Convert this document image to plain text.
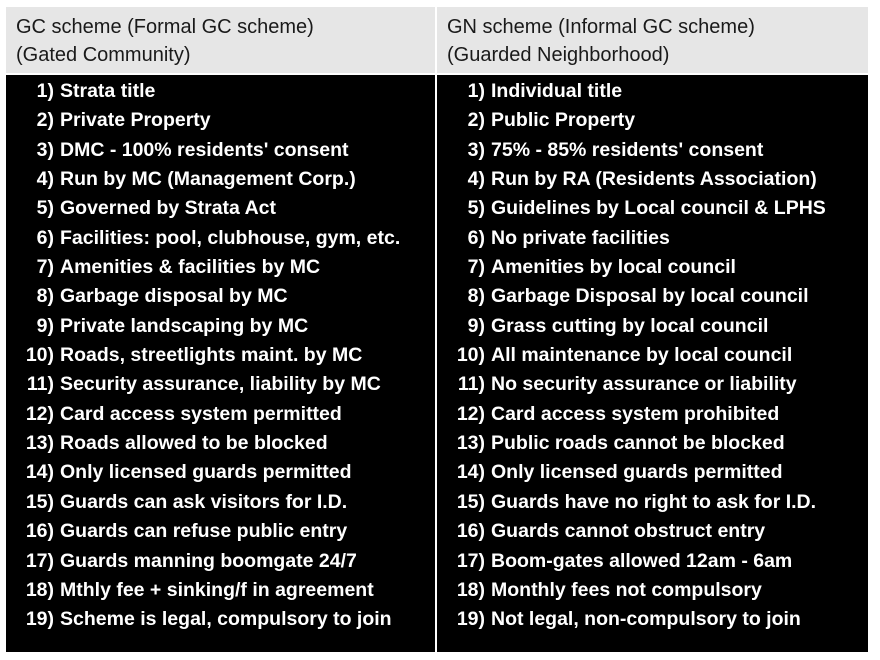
GC scheme (Formal GC scheme)
(Gated Community)
GN scheme (Informal GC scheme)
(Guarded Neighborhood)
1) Strata title
2) Private Property
3) DMC - 100% residents' consent
4) Run by MC (Management Corp.)
5) Governed by Strata Act
6) Facilities: pool, clubhouse, gym, etc.
7) Amenities & facilities by MC
8) Garbage disposal by MC
9) Private landscaping by MC
10) Roads, streetlights maint. by MC
11) Security assurance, liability by MC
12) Card access system permitted
13) Roads allowed to be blocked
14) Only licensed guards permitted
15) Guards can ask visitors for I.D.
16) Guards can refuse public entry
17) Guards manning boomgate 24/7
18) Mthly fee + sinking/f in agreement
19) Scheme is legal, compulsory to join
1) Individual title
2) Public Property
3) 75% - 85% residents' consent
4) Run by RA (Residents Association)
5) Guidelines by Local council & LPHS
6) No private facilities
7) Amenities by local council
8) Garbage Disposal by local council
9) Grass cutting by local council
10) All maintenance by local council
11) No security assurance or liability
12) Card access system prohibited
13) Public roads cannot be blocked
14) Only licensed guards permitted
15) Guards have no right to ask for I.D.
16) Guards cannot obstruct entry
17) Boom-gates allowed 12am - 6am
18) Monthly fees not compulsory
19) Not legal, non-compulsory to join
